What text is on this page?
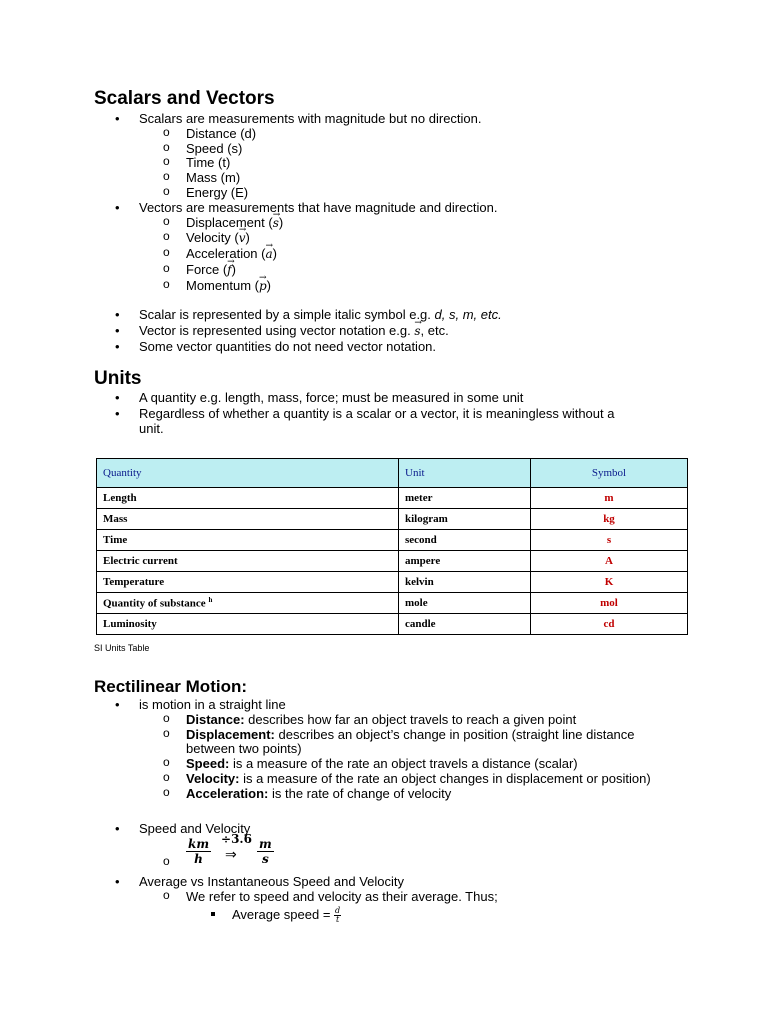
Scalars and Vectors
• Scalars are measurements with magnitude but no direction.
o Distance (d)
o Speed (s)
o Time (t)
o Mass (m)
o Energy (E)
• Vectors are measurements that have magnitude and direction.
o Displacement (s →)
o Velocity (v →)
o Acceleration (a →)
o Force (f →)
o Momentum (p →)
• Scalar is represented by a simple italic symbol e.g. d, s, m, etc.
• Vector is represented using vector notation e.g. s →, etc.
• Some vector quantities do not need vector notation.
Units
• A quantity e.g. length, mass, force; must be measured in some unit
• Regardless of whether a quantity is a scalar or a vector, it is meaningless without a
unit.
Quantity	Unit	Symbol
Length	meter	m
Mass	kilogram	kg
Time	second	s
Electric current	ampere	A
Temperature	kelvin	K
Quantity of substance $^h$	mole	mol
Luminosity	candle	cd
SI Units Table
Rectilinear Motion:
• is motion in a straight line
o Distance: describes how far an object travels to reach a given point
o Displacement: describes an object’s change in position (straight line distance
between two points)
o Speed: is a measure of the rate an object travels a distance (scalar)
o Velocity: is a measure of the rate an object changes in displacement or position)
o Acceleration: is the rate of change of velocity
• Speed and Velocity
$\frac{km}{h} \div 3.6$
⇒ $\frac{m}{s}$
• Average vs Instantaneous Speed and Velocity
o We refer to speed and velocity as their average. Thus;
Average speed = $\frac{d}{t}$
